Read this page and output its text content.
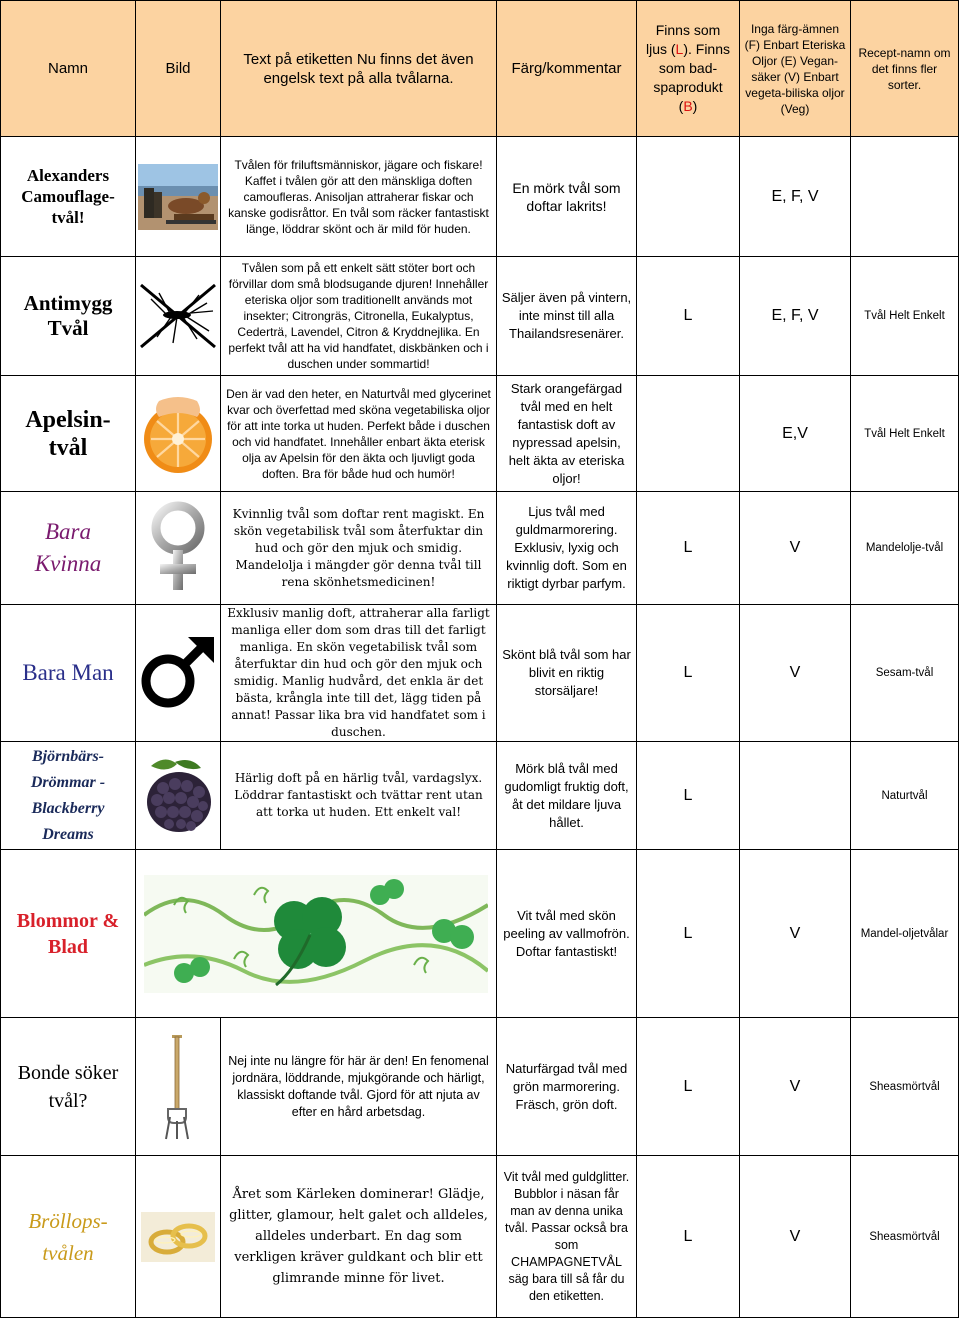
Namn	Bild	Text på etiketten Nu finns det även engelsk text på alla tvålarna.	Färg/kommentar	Finns som ljus (L). Finns som bad-spaprodukt (B)	Inga färg-ämnen (F) Enbart Eteriska Oljor (E) Vegan-säker (V) Enbart vegeta-biliska oljor (Veg)	Recept-namn om det finns fler sorter.
Alexanders Camouflage-tvål!		Tvålen för friluftsmänniskor, jägare och fiskare! Kaffet i tvålen gör att den mänskliga doften camoufleras. Anisoljan attraherar fiskar och kanske godisråttor. En tvål som räcker fantastiskt länge, löddrar skönt och är mild för huden.	En mörk tvål som doftar lakrits!		E, F, V	
Antimygg Tvål		Tvålen som på ett enkelt sätt stöter bort och förvillar dom små blodsugande djuren! Innehåller eteriska oljor som traditionellt används mot insekter; Citrongräs, Citronella, Eukalyptus, Cederträ, Lavendel, Citron & Kryddnejlika. En perfekt tvål att ha vid handfatet, diskbänken och i duschen under sommartid!	Säljer även på vintern, inte minst till alla Thailandsresenärer.	L	E, F, V	Tvål Helt Enkelt
Apelsin-tvål		Den är vad den heter, en Naturtvål med glycerinet kvar och överfettad med sköna vegetabiliska oljor för att inte torka ut huden. Perfekt både i duschen och vid handfatet. Innehåller enbart äkta eterisk olja av Apelsin för den äkta och ljuvligt goda doften. Bra för både hud och humör!	Stark orangefärgad tvål med en helt fantastisk doft av nypressad apelsin, helt äkta av eteriska oljor!		E,V	Tvål Helt Enkelt
Bara Kvinna		Kvinnlig tvål som doftar rent magiskt. En skön vegetabilisk tvål som återfuktar din hud och gör den mjuk och smidig. Mandelolja i mängder gör denna tvål till rena skönhetsmedicinen!	Ljus tvål med guldmarmorering. Exklusiv, lyxig och kvinnlig doft. Som en riktigt dyrbar parfym.	L	V	Mandelolje-tvål
Bara Man		Exklusiv manlig doft, attraherar alla farligt manliga eller dom som dras till det farligt manliga. En skön vegetabilisk tvål som återfuktar din hud och gör den mjuk och smidig. Manlig hudvård, det enkla är det bästa, krångla inte till det, lägg tiden på annat! Passar lika bra vid handfatet som i duschen.	Skönt blå tvål som har blivit en riktig storsäljare!	L	V	Sesam-tvål
Björnbärs-Drömmar - Blackberry Dreams		Härlig doft på en härlig tvål, vardagslyx. Löddrar fantastiskt och tvättar rent utan att torka ut huden. Ett enkelt val!	Mörk blå tvål med gudomligt fruktig doft, åt det mildare ljuva hållet.	L		Naturtvål
Blommor & Blad			Vit tvål med skön peeling av vallmofrön. Doftar fantastiskt!	L	V	Mandel-oljetvålar
Bonde söker tvål?		Nej inte nu längre för här är den! En fenomenal jordnära, löddrande, mjukgörande och härligt, klassiskt doftande tvål. Gjord för att njuta av efter en hård arbetsdag.	Naturfärgad tvål med grön marmorering. Fräsch, grön doft.	L	V	Sheasmörtvål
Bröllops-tvålen		Året som Kärleken dominerar! Glädje, glitter, glamour, helt galet och alldeles, alldeles underbart. En dag som verkligen kräver guldkant och blir ett glimrande minne för livet.	Vit tvål med guldglitter. Bubblor i näsan får man av denna unika tvål. Passar också bra som CHAMPAGNETVÅL säg bara till så får du den etiketten.	L	V	Sheasmörtvål
